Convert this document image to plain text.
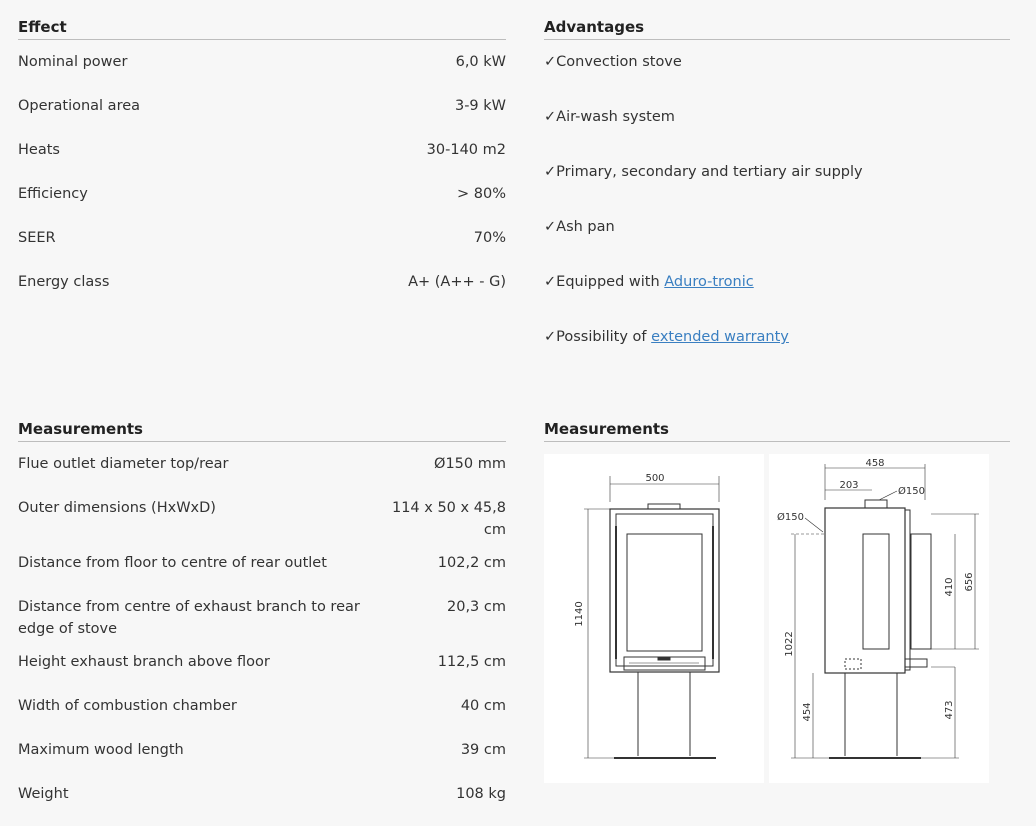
Effect
Nominal power	6,0 kW
Operational area	3-9 kW
Heats	30-140 m2
Efficiency	> 80%
SEER	70%
Energy class	A+ (A++ - G)
Advantages
✓Convection stove
✓Air-wash system
✓Primary, secondary and tertiary air supply
✓Ash pan
✓Equipped with Aduro-tronic
✓Possibility of extended warranty
Measurements
Flue outlet diameter top/rear	Ø150 mm
Outer dimensions (HxWxD)	114 x 50 x 45,8
cm
Distance from floor to centre of rear outlet	102,2 cm
Distance from centre of exhaust branch to rear
edge of stove
20,3 cm
Height exhaust branch above floor	112,5 cm
Width of combustion chamber	40 cm
Maximum wood length	39 cm
Weight	108 kg
Measurements
500
1140
458
203
Ø150
Ø150
1022
454
410 656
473
